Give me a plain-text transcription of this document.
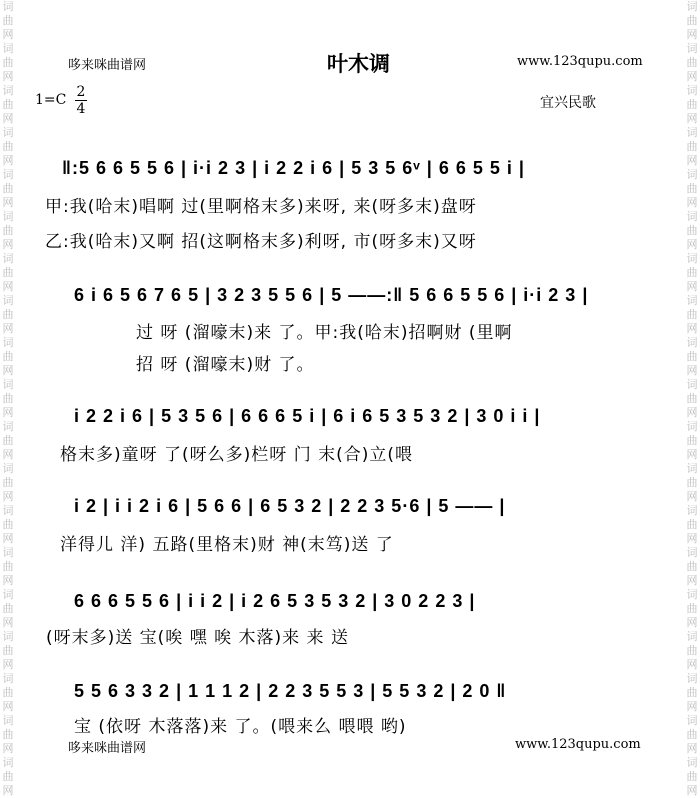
词曲网词曲网词曲网词曲网词曲网词曲网词曲网词曲网词曲网词曲网词曲网词曲网词曲网词曲网词曲网词曲网词曲网词曲网词曲网
词曲网词曲网词曲网词曲网词曲网词曲网词曲网词曲网词曲网词曲网词曲网词曲网词曲网词曲网词曲网词曲网词曲网词曲网词曲网
哆来咪曲谱网	叶木调	www.123qupu.com
1=C 2
4	宜兴民歌
‖:5 6 6 5 5 6 | i·i 2 3 | i 2 2 i 6 | 5 3 5 6ᵛ | 6 6 5 5 i |
甲:我(哈末)唱啊 过(里啊格末多)来呀, 来(呀多末)盘呀
乙:我(哈末)又啊 招(这啊格末多)利呀, 市(呀多末)又呀
6 i 6 5 6 7 6 5 | 3 2 3 5 5 6 | 5 ——:‖ 5 6 6 5 5 6 | i·i 2 3 |
过 呀 (溜嚎末)来 了。甲:我(哈末)招啊财 (里啊
招 呀 (溜嚎末)财 了。
i 2 2 i 6 | 5 3 5 6 | 6 6 6 5 i | 6 i 6 5 3 5 3 2 | 3 0 i i |
格末多)童呀 了(呀么多)栏呀 门 末(合)立(喂
i 2 | i i 2 i 6 | 5 6 6 | 6 5 3 2 | 2 2 3 5·6 | 5 —— |
洋得儿 洋) 五路(里格末)财 神(末笃)送 了
6 6 6 5 5 6 | i i 2 | i 2 6 5 3 5 3 2 | 3 0 2 2 3 |
(呀末多)送 宝(唉 嘿 唉 木落)来 来 送
5 5 6 3 3 2 | 1 1 1 2 | 2 2 3 5 5 3 | 5 5 3 2 | 2 0 ‖
宝 (依呀 木落落)来 了。(喂来么 喂喂 哟)
哆来咪曲谱网	www.123qupu.com
